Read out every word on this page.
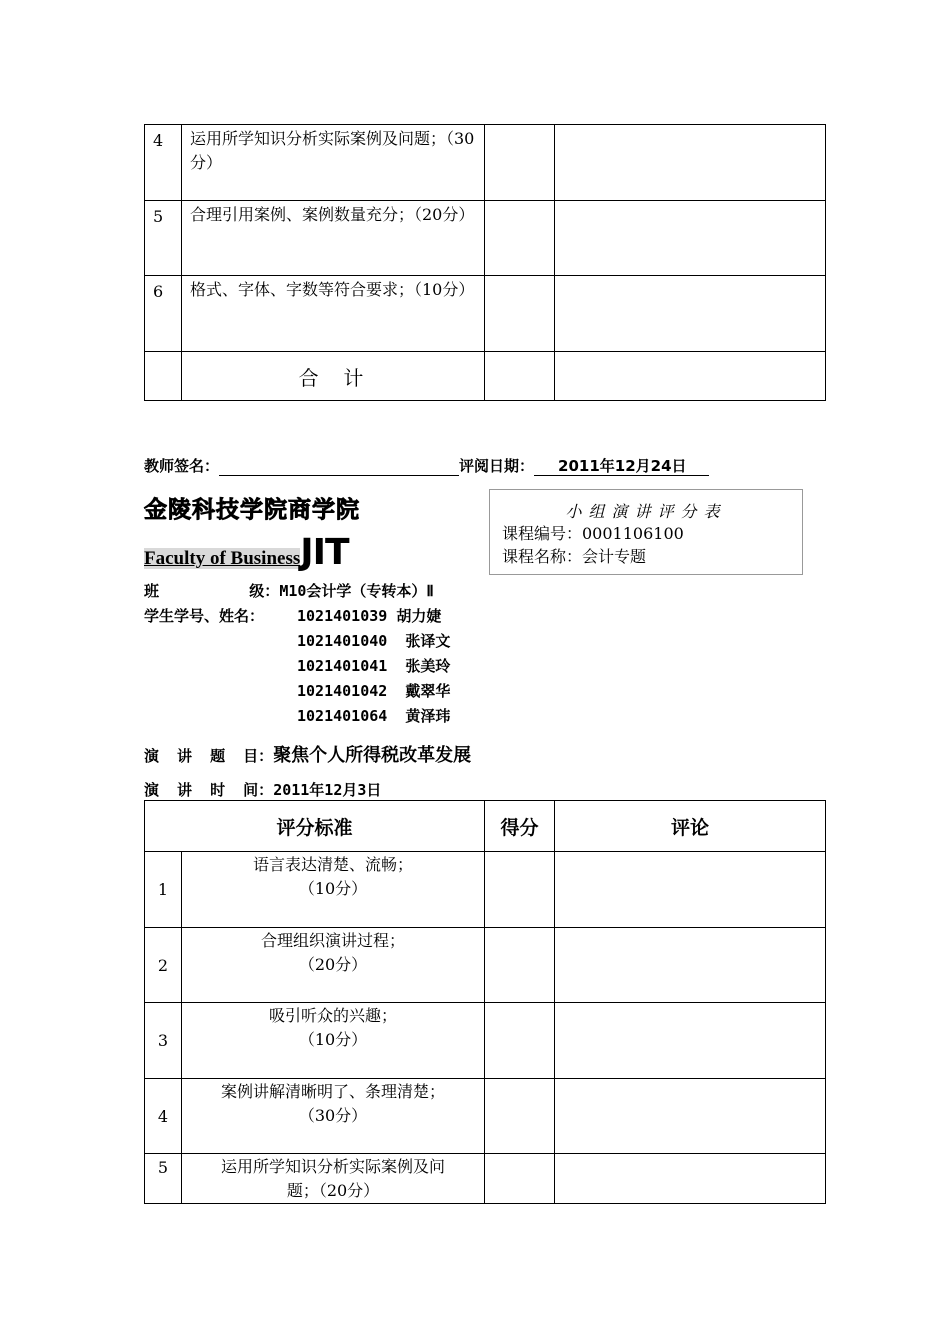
4	运用所学知识分析实际案例及问题；（30分）		
5	合理引用案例、案例数量充分；（20分）		
6	格式、字体、字数等符合要求；（10分）		
	合  计		
教师签名：	评阅日期： 2011年12月24日
金陵科技学院商学院
Faculty of BusinessJIT
小组演讲评分表
课程编号：0001106100
课程名称：会计专题
班          级：M10会计学（专转本）Ⅱ
学生学号、姓名： 1021401039 胡力婕
1021401040  张译文
1021401041  张美玲
1021401042  戴翠华
1021401064  黄泽玮
演  讲  题  目：聚焦个人所得税改革发展
演  讲  时  间：2011年12月3日
评分标准		得分	评论
1	语言表达清楚、流畅；
（10分）		

2	合理组织演讲过程；
（20分）		

3	吸引听众的兴趣；
（10分）		

4	案例讲解清晰明了、条理清楚；
（30分）		

5	运用所学知识分析实际案例及问
题；（20分）		
